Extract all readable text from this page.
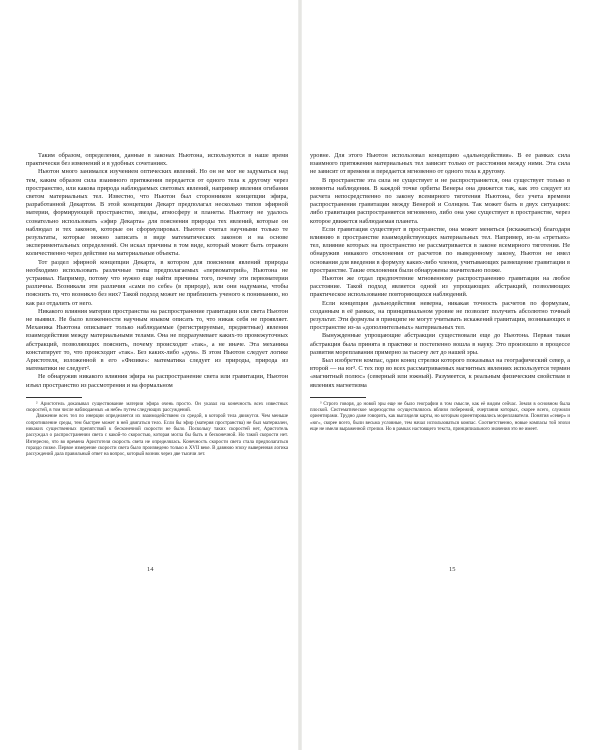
Таким образом, определения, данные в законах Ньютона, используются в наше время практически без изменений и в удобных сочетаниях.

Ньютон много занимался изучением оптических явлений. Но он не мог не задуматься над тем, каким образом сила взаимного притяжения передается от одного тела к другому через пространство, или какова природа наблюдаемых световых явлений, например явления огибания светом материальных тел. Известно, что Ньютон был сторонником концепции эфира, разработанной Декартом. В этой концепции Декарт предполагал несколько типов эфирной материи, формирующей пространство, звезды, атмосферу и планеты. Ньютону не удалось сознательно использовать «эфир Декарта» для пояснения природы тех явлений, которые он наблюдал и тех законов, которые он сформулировал. Ньютон считал научными только те результаты, которые можно записать в виде математических законов и на основе экспериментальных определений. Он искал причины в том виде, который может быть отражен количественно через действие на материальные объекты.

Тот раздел эфирной концепции Декарта, в котором для пояснения явлений природы необходимо использовать различные типы предполагаемых «первоматерий», Ньютона не устраивал. Например, потому что нужно еще найти причины того, почему эти первоматерии различны. Возникали эти различия «сами по себе» (в природе), или они надуманы, чтобы пояснить то, что возникло без них? Такой подход может не приблизить ученого к пониманию, но как раз отдалить от него.

Никакого влияния материи пространства на распространение гравитации или света Ньютон не выявил. Не было вложенности научным языком описать то, что никак себя не проявляет. Механика Ньютона описывает только наблюдаемые (регистрируемые, предметные) явления взаимодействия между материальными телами. Она не подразумевает каких-то промежуточных абстракций, позволяющих пояснить, почему происходит «так», а не иначе. Эта механика констатирует то, что происходит «так». Без каких-либо «дум». В этом Ньютон следует логике Аристотеля, изложенной в его «Физике»: математика следует из природы, природа из математики не следует².

Не обнаружив никакого влияния эфира на распространение света или гравитации, Ньютон изъял пространство из рассмотрения и на формальном

² Аристотель доказывал существование материи эфира очень просто. Он указал на конечность всех известных скоростей, в том числе наблюдаемых «в небе» путем следующих рассуждений.

Движение всех тел по инерции определяется их взаимодействием со средой, в которой тела движутся. Чем меньше сопротивление среды, тем быстрее может в ней двигаться тело. Если бы эфир (материя пространства) не был материален, никаких существенных препятствий к бесконечной скорости не было. Поскольку таких скоростей нет, Аристотель рассуждал о распространении света с какой-то скоростью, которая могла бы быть и бесконечной. Но такой скорости нет. Интересно, что во времена Аристотеля скорость света не определялась. Конечность скорости света стала предполагаться гораздо позже. Первое измерение скорости света было произведено только в XVII веке. В давнюю эпоху выверенная логика рассуждений дала правильный ответ на вопрос, который возник через две тысячи лет.

14

уровне. Для этого Ньютон использовал концепцию «дальнодействия». В ее рамках сила взаимного притяжения материальных тел зависит только от расстояния между ними. Эта сила не зависит от времени и передается мгновенно от одного тела к другому.

В пространстве эта сила не существует и не распространяется, она существует только в моменты наблюдения. В каждой точке орбиты Венеры она движется так, как это следует из расчета непосредственно по закону всемирного тяготения Ньютона, без учета времени распространения гравитации между Венерой и Солнцем. Так может быть в двух ситуациях: либо гравитация распространяется мгновенно, либо она уже существует в пространстве, через которое движется наблюдаемая планета.

Если гравитация существует в пространстве, она может меняться (искажаться) благодаря влиянию в пространстве взаимодействующих материальных тел. Например, из-за «третьих» тел, влияние которых на пространство не рассматривается в законе всемирного тяготения. Не обнаружив никакого отклонения от расчетов по выведенному закону, Ньютон не имел основания для введения в формулу каких-либо членов, учитывающих размещение гравитации в пространстве. Такие отклонения были обнаружены значительно позже.

Ньютон же отдал предпочтение мгновенному распространению гравитации на любое расстояние. Такой подход является одной из упрощающих абстракций, позволяющих практическое использование повторяющихся наблюдений.

Если концепция дальнодействия неверна, никакая точность расчетов по формулам, созданным в её рамках, на принципиальном уровне не позволит получить абсолютно точный результат. Эти формулы в принципе не могут учитывать искажений гравитации, возникающих в пространстве из-за «дополнительных» материальных тел.

Вынужденные упрощающие абстракции существовали еще до Ньютона. Первая такая абстракция была принята в практике и постепенно вошла в науку. Это произошло в процессе развития мореплавания примерно за тысячу лет до нашей эры.

Был изобретен компас, один конец стрелки которого показывал на географический север, а второй — на юг³. С тех пор во всех рассматриваемых магнитных явлениях используется термин «магнитный полюс» (северный или южный). Разумеется, к реальным физическим свойствам в явлениях магнетизма

³ Строго говоря, до новой эры еще не было географии в том смысле, как её видим сейчас. Земля в основном была плоской. Систематическое мореходство осуществлялось вблизи побережий, очертания которых, скорее всего, служили ориентирами. Трудно даже говорить, как выглядели карты, но которым ориентировались мореплаватели. Понятия «север» и «юг», скорее всего, были весьма условные, тем начал использоваться компас. Соответственно, новые компасы той эпохи еще не имели выраженной стрелки. Но в рамках настоящего текста, принципиального значения это не имеет.

15
